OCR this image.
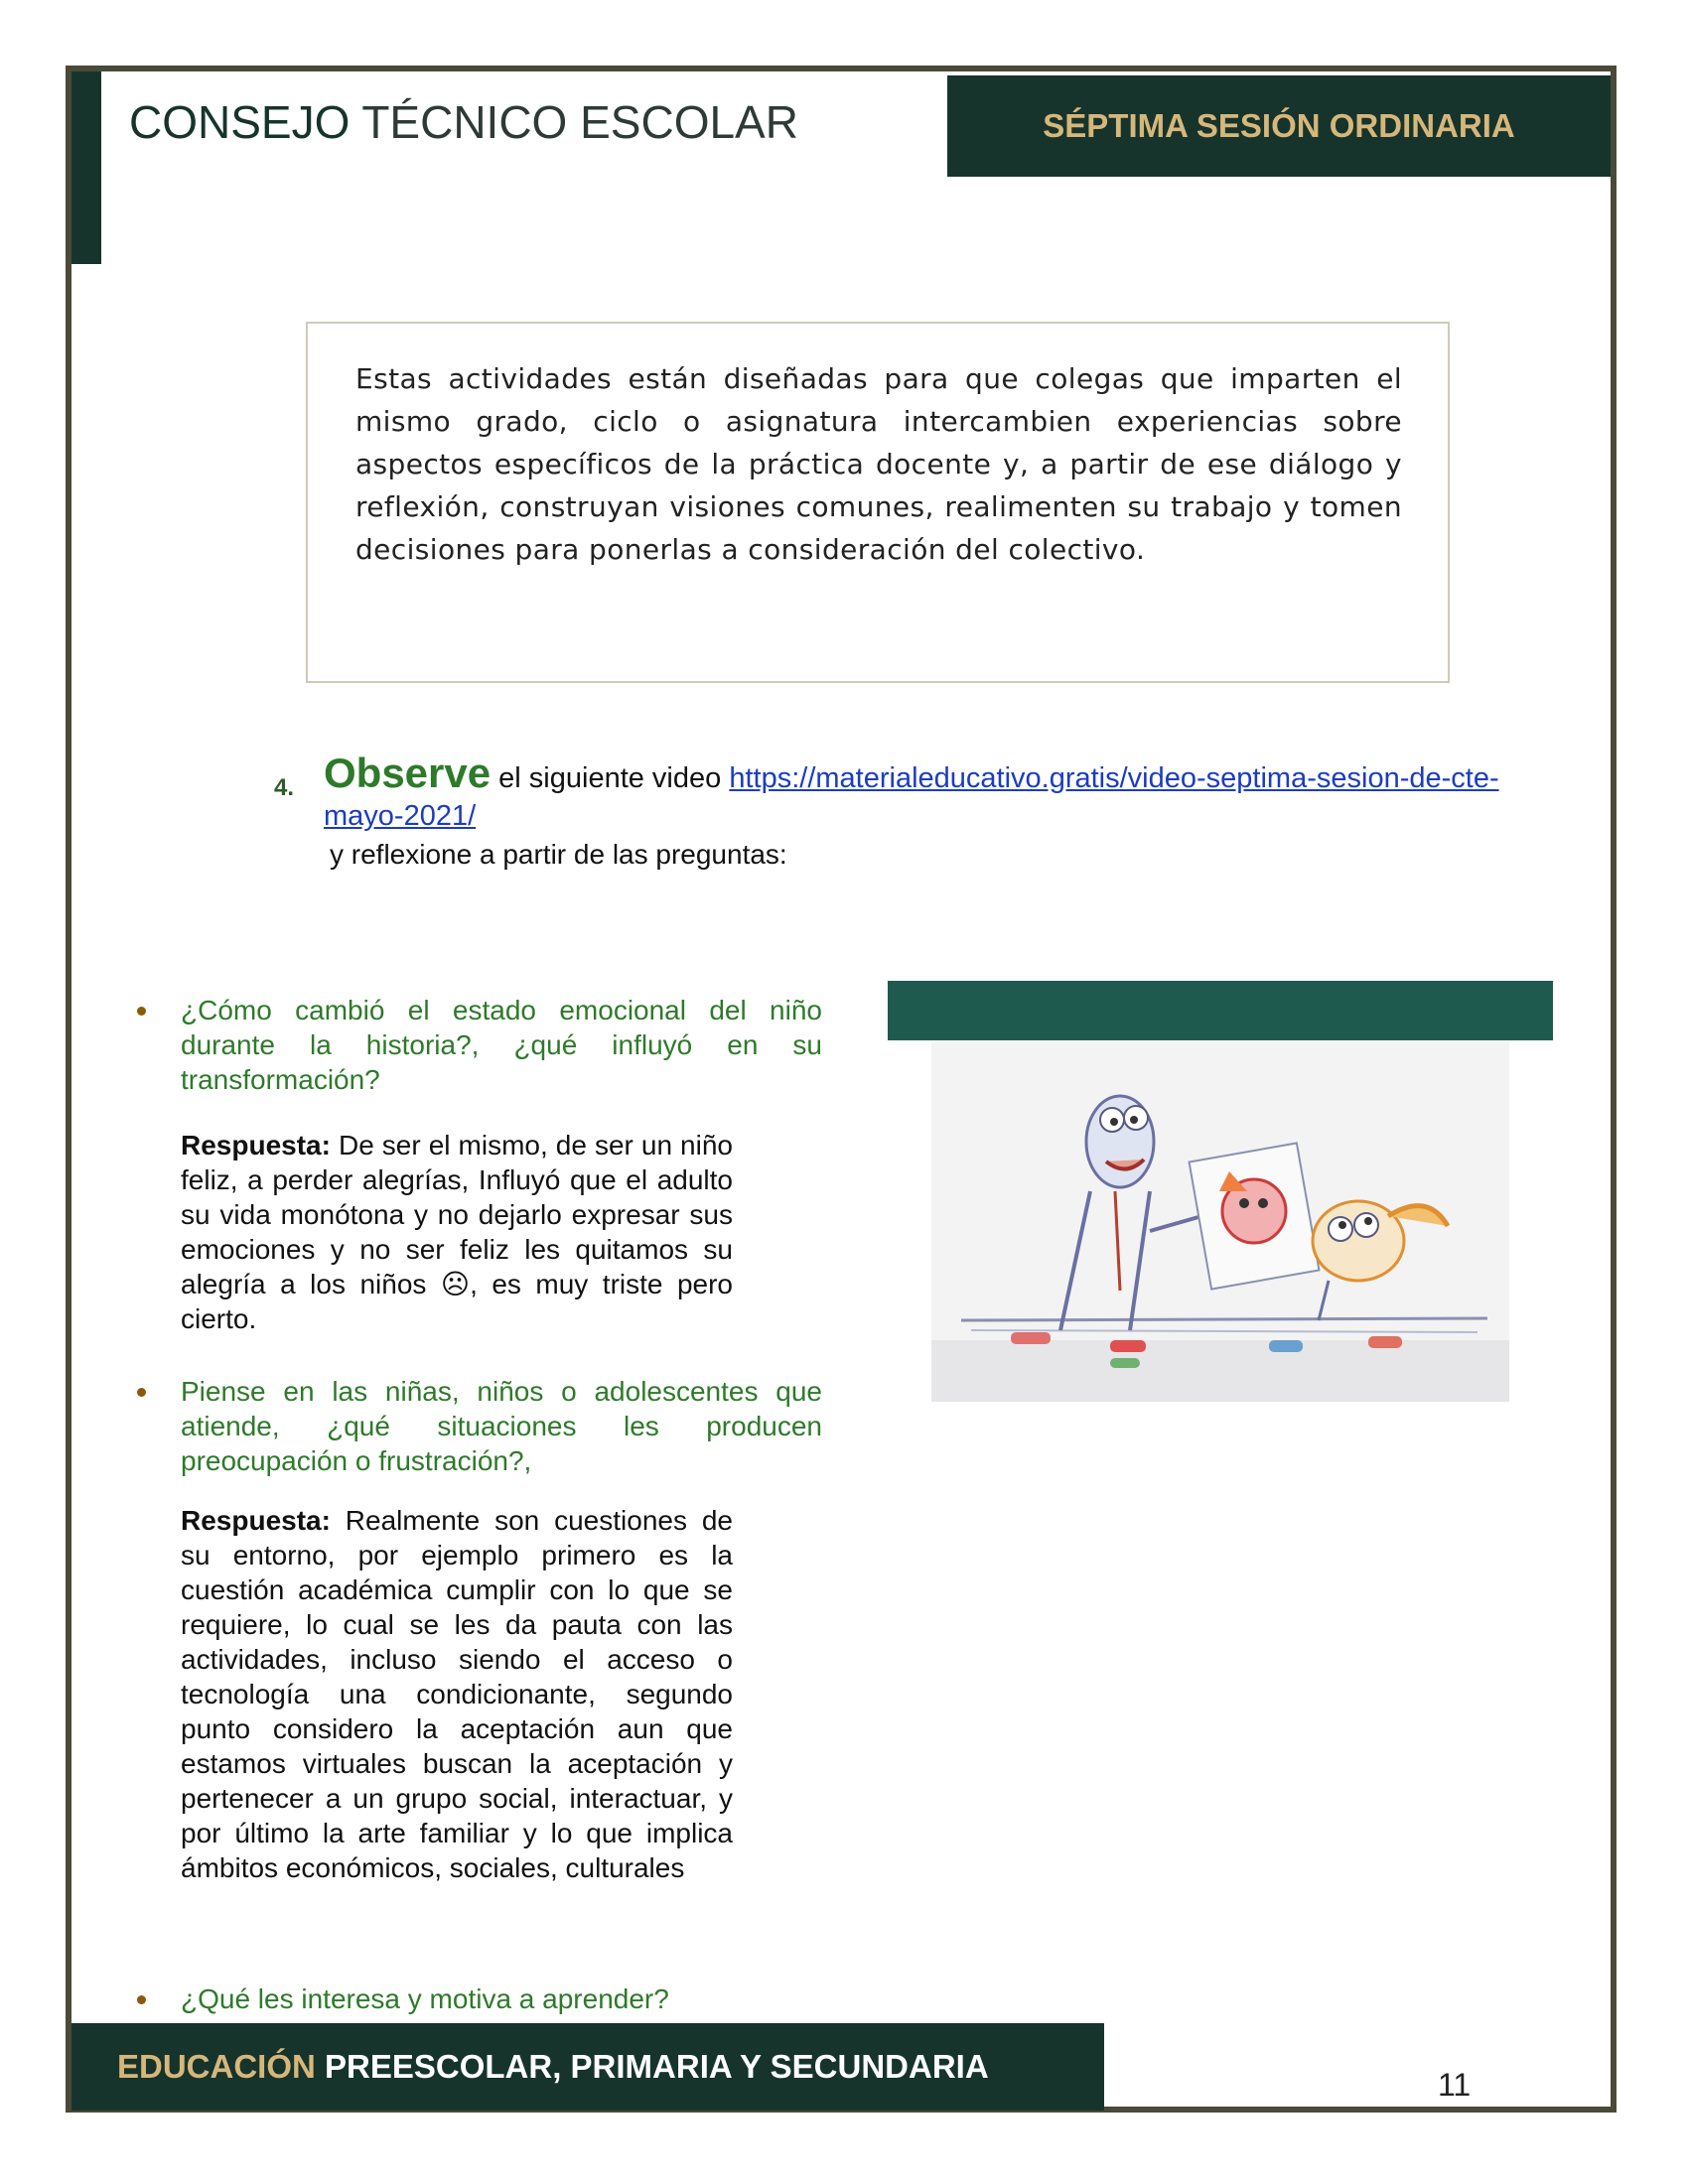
CONSEJO TÉCNICO ESCOLAR	SÉPTIMA SESIÓN ORDINARIA

Estas actividades están diseñadas para que colegas que imparten el mismo grado, ciclo o asignatura intercambien experiencias sobre aspectos específicos de la práctica docente y, a partir de ese diálogo y reflexión, construyan visiones comunes, realimenten su trabajo y tomen decisiones para ponerlas a consideración del colectivo.

4. Observe el siguiente video https://materialeducativo.gratis/video-septima-sesion-de-cte-mayo-2021/
y reflexione a partir de las preguntas:
¿Cómo cambió el estado emocional del niño durante la historia?, ¿qué influyó en su transformación?
Respuesta: De ser el mismo, de ser un niño feliz, a perder alegrías, Influyó que el adulto su vida monótona y no dejarlo expresar sus emociones y no ser feliz les quitamos su alegría a los niños ☹, es muy triste pero cierto.
Piense en las niñas, niños o adolescentes que atiende, ¿qué situaciones les producen preocupación o frustración?,
Respuesta: Realmente son cuestiones de su entorno, por ejemplo primero es la cuestión académica cumplir con lo que se requiere, lo cual se les da pauta con las actividades, incluso siendo el acceso o tecnología una condicionante, segundo punto considero la aceptación aun que estamos virtuales buscan la aceptación y pertenecer a un grupo social, interactuar, y por último la arte familiar y lo que implica ámbitos económicos, sociales, culturales
¿Qué les interesa y motiva a aprender?
EDUCACIÓN PREESCOLAR, PRIMARIA Y SECUNDARIA	11
